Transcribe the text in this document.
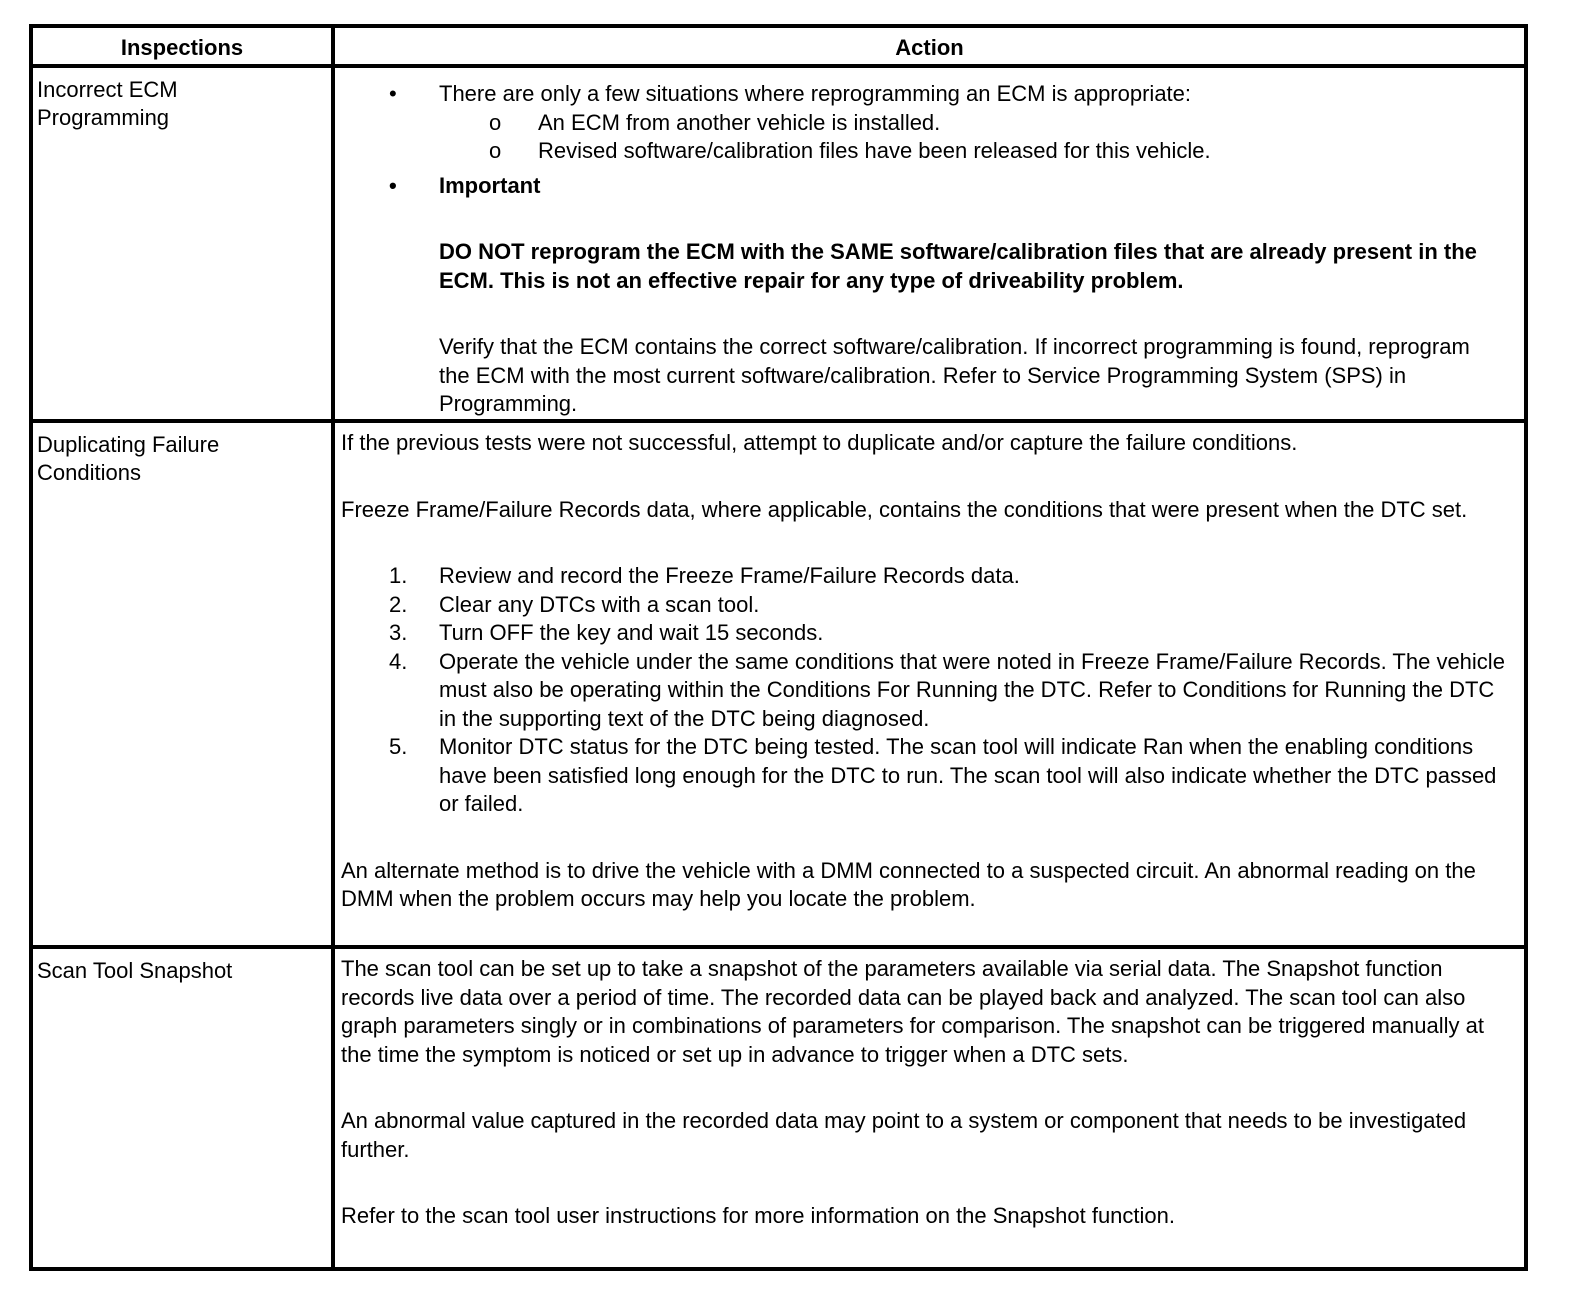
Inspections	Action
Incorrect ECM Programming
• There are only a few situations where reprogramming an ECM is appropriate:
o An ECM from another vehicle is installed.
o Revised software/calibration files have been released for this vehicle.
• Important
DO NOT reprogram the ECM with the SAME software/calibration files that are already present in the ECM. This is not an effective repair for any type of driveability problem.
Verify that the ECM contains the correct software/calibration. If incorrect programming is found, reprogram the ECM with the most current software/calibration. Refer to Service Programming System (SPS) in Programming.
Duplicating Failure Conditions
If the previous tests were not successful, attempt to duplicate and/or capture the failure conditions.
Freeze Frame/Failure Records data, where applicable, contains the conditions that were present when the DTC set.
1. Review and record the Freeze Frame/Failure Records data.
2. Clear any DTCs with a scan tool.
3. Turn OFF the key and wait 15 seconds.
4. Operate the vehicle under the same conditions that were noted in Freeze Frame/Failure Records. The vehicle must also be operating within the Conditions For Running the DTC. Refer to Conditions for Running the DTC in the supporting text of the DTC being diagnosed.
5. Monitor DTC status for the DTC being tested. The scan tool will indicate Ran when the enabling conditions have been satisfied long enough for the DTC to run. The scan tool will also indicate whether the DTC passed or failed.
An alternate method is to drive the vehicle with a DMM connected to a suspected circuit. An abnormal reading on the DMM when the problem occurs may help you locate the problem.
Scan Tool Snapshot	The scan tool can be set up to take a snapshot of the parameters available via serial data. The Snapshot function records live data over a period of time. The recorded data can be played back and analyzed. The scan tool can also graph parameters singly or in combinations of parameters for comparison. The snapshot can be triggered manually at the time the symptom is noticed or set up in advance to trigger when a DTC sets.
An abnormal value captured in the recorded data may point to a system or component that needs to be investigated further.
Refer to the scan tool user instructions for more information on the Snapshot function.
